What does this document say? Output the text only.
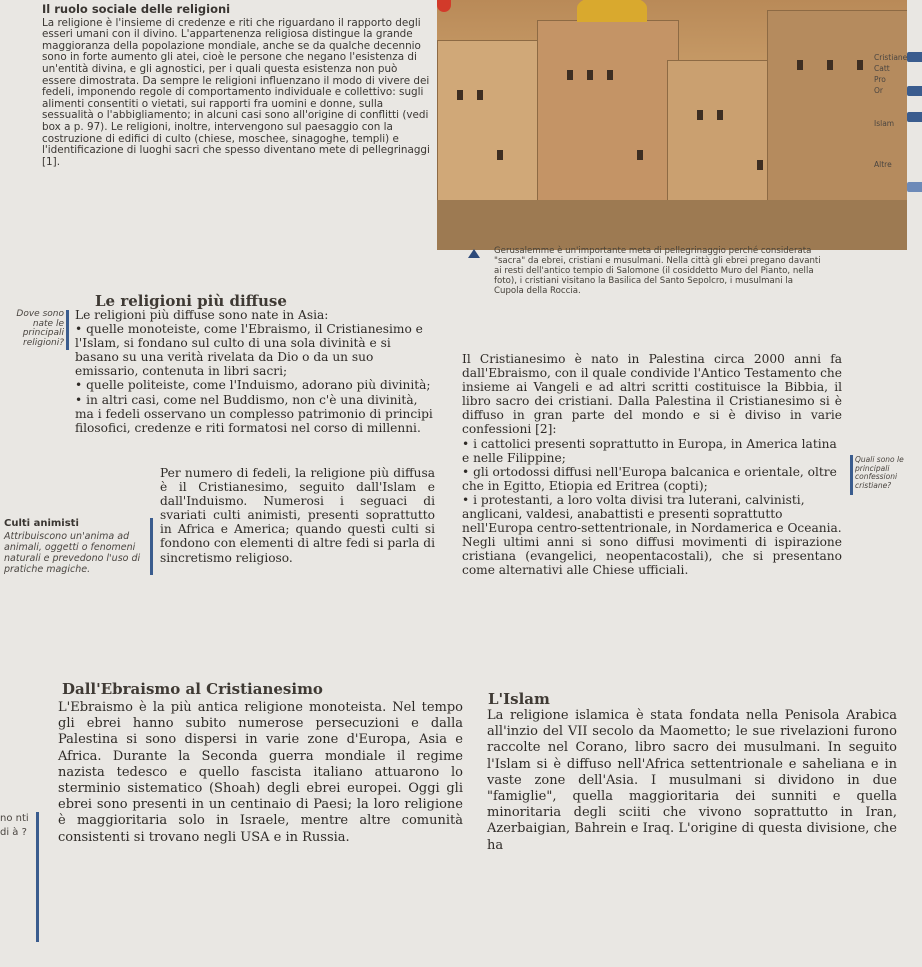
Il ruolo sociale delle religioni
La religione è l'insieme di credenze e riti che riguardano il rapporto degli esseri umani con il divino. L'appartenenza religiosa distingue la grande maggioranza della popolazione mondiale, anche se da qualche decennio sono in forte aumento gli atei, cioè le persone che negano l'esistenza di un'entità divina, e gli agnostici, per i quali questa esistenza non può essere dimostrata. Da sempre le religioni influenzano il modo di vivere dei fedeli, imponendo regole di comportamento individuale e collettivo: sugli alimenti consentiti o vietati, sui rapporti fra uomini e donne, sulla sessualità o l'abbigliamento; in alcuni casi sono all'origine di conflitti (vedi box a p. 97). Le religioni, inoltre, intervengono sul paesaggio con la costruzione di edifici di culto (chiese, moschee, sinagoghe, templi) e l'identificazione di luoghi sacri che spesso diventano mete di pellegrinaggi [1].
Cristiane
Catt
Pro
Or
Islam
Altre
Gerusalemme è un'importante meta di pellegrinaggio perché considerata "sacra" da ebrei, cristiani e musulmani. Nella città gli ebrei pregano davanti ai resti dell'antico tempio di Salomone (il cosiddetto Muro del Pianto, nella foto), i cristiani visitano la Basilica del Santo Sepolcro, i musulmani la Cupola della Roccia.
Le religioni più diffuse
Dove sono nate le principali religioni?
Le religioni più diffuse sono nate in Asia:
• quelle monoteiste, come l'Ebraismo, il Cristianesimo e l'Islam, si fondano sul culto di una sola divinità e si basano su una verità rivelata da Dio o da un suo emissario, contenuta in libri sacri;
• quelle politeiste, come l'Induismo, adorano più divinità;
• in altri casi, come nel Buddismo, non c'è una divinità, ma i fedeli osservano un complesso patrimonio di principi filosofici, credenze e riti formatosi nel corso di millenni.
Per numero di fedeli, la religione più diffusa è il Cristianesimo, seguito dall'Islam e dall'Induismo. Numerosi i seguaci di svariati culti animisti, presenti soprattutto in Africa e America; quando questi culti si fondono con elementi di altre fedi si parla di sincretismo religioso.
Culti animisti
Attribuiscono un'anima ad animali, oggetti o fenomeni naturali e prevedono l'uso di pratiche magiche.
Il Cristianesimo è nato in Palestina circa 2000 anni fa dall'Ebraismo, con il quale condivide l'Antico Testamento che insieme ai Vangeli e ad altri scritti costituisce la Bibbia, il libro sacro dei cristiani. Dalla Palestina il Cristianesimo si è diffuso in gran parte del mondo e si è diviso in varie confessioni [2]:
• i cattolici presenti soprattutto in Europa, in America latina e nelle Filippine;
• gli ortodossi diffusi nell'Europa balcanica e orientale, oltre che in Egitto, Etiopia ed Eritrea (copti);
• i protestanti, a loro volta divisi tra luterani, calvinisti, anglicani, valdesi, anabattisti e presenti soprattutto nell'Europa centro-settentrionale, in Nordamerica e Oceania.
Negli ultimi anni si sono diffusi movimenti di ispirazione cristiana (evangelici, neopentacostali), che si presentano come alternativi alle Chiese ufficiali.
Quali sono le principali confessioni cristiane?
Dall'Ebraismo al Cristianesimo
L'Ebraismo è la più antica religione monoteista. Nel tempo gli ebrei hanno subito numerose persecuzioni e dalla Palestina si sono dispersi in varie zone d'Europa, Asia e Africa. Durante la Seconda guerra mondiale il regime nazista tedesco e quello fascista italiano attuarono lo sterminio sistematico (Shoah) degli ebrei europei. Oggi gli ebrei sono presenti in un centinaio di Paesi; la loro religione è maggioritaria solo in Israele, mentre altre comunità consistenti si trovano negli USA e in Russia.
no nti di à ?
L'Islam
La religione islamica è stata fondata nella Penisola Arabica all'inzio del VII secolo da Maometto; le sue rivelazioni furono raccolte nel Corano, libro sacro dei musulmani. In seguito l'Islam si è diffuso nell'Africa settentrionale e saheliana e in vaste zone dell'Asia. I musulmani si dividono in due "famiglie", quella maggioritaria dei sunniti e quella minoritaria degli sciiti che vivono soprattutto in Iran, Azerbaigian, Bahrein e Iraq. L'origine di questa divisione, che ha
